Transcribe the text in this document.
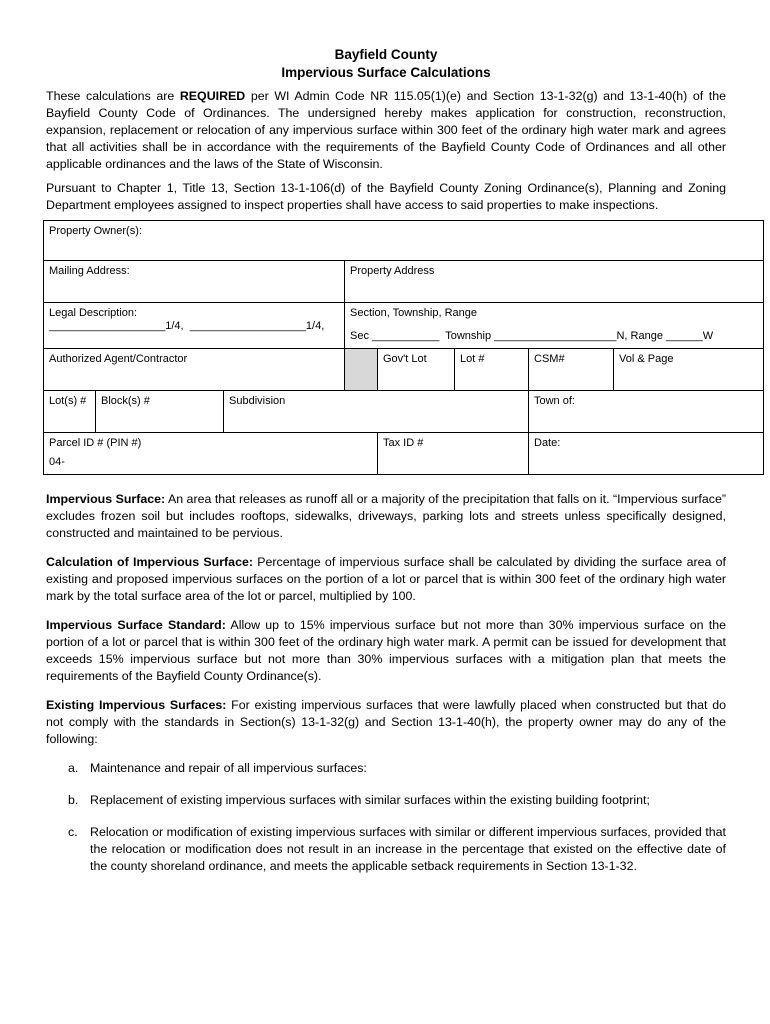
Bayfield County
Impervious Surface Calculations

These calculations are REQUIRED per WI Admin Code NR 115.05(1)(e) and Section 13-1-32(g) and 13-1-40(h) of the Bayfield County Code of Ordinances. The undersigned hereby makes application for construction, reconstruction, expansion, replacement or relocation of any impervious surface within 300 feet of the ordinary high water mark and agrees that all activities shall be in accordance with the requirements of the Bayfield County Code of Ordinances and all other applicable ordinances and the laws of the State of Wisconsin.

Pursuant to Chapter 1, Title 13, Section 13-1-106(d) of the Bayfield County Zoning Ordinance(s), Planning and Zoning Department employees assigned to inspect properties shall have access to said properties to make inspections.

Property Owner(s):							
Mailing Address:			Property Address				

Legal Description:
___________________1/4,  ___________________1/4,			Section, Township, Range
Sec ___________  Township ____________________N, Range ______W				

Authorized Agent/Contractor				Gov't Lot	Lot #	CSM#	Vol & Page
Lot(s) #	Block(s) #	Subdivision				Town of:	

Parcel ID # (PIN #)
04-				Tax ID #		Date:	

Impervious Surface: An area that releases as runoff all or a majority of the precipitation that falls on it. “Impervious surface” excludes frozen soil but includes rooftops, sidewalks, driveways, parking lots and streets unless specifically designed, constructed and maintained to be pervious.

Calculation of Impervious Surface: Percentage of impervious surface shall be calculated by dividing the surface area of existing and proposed impervious surfaces on the portion of a lot or parcel that is within 300 feet of the ordinary high water mark by the total surface area of the lot or parcel, multiplied by 100.

Impervious Surface Standard: Allow up to 15% impervious surface but not more than 30% impervious surface on the portion of a lot or parcel that is within 300 feet of the ordinary high water mark. A permit can be issued for development that exceeds 15% impervious surface but not more than 30% impervious surfaces with a mitigation plan that meets the requirements of the Bayfield County Ordinance(s).

Existing Impervious Surfaces: For existing impervious surfaces that were lawfully placed when constructed but that do not comply with the standards in Section(s) 13-1-32(g) and Section 13-1-40(h), the property owner may do any of the following:

a. Maintenance and repair of all impervious surfaces:
b. Replacement of existing impervious surfaces with similar surfaces within the existing building footprint;
c. Relocation or modification of existing impervious surfaces with similar or different impervious surfaces, provided that the relocation or modification does not result in an increase in the percentage that existed on the effective date of the county shoreland ordinance, and meets the applicable setback requirements in Section 13-1-32.
